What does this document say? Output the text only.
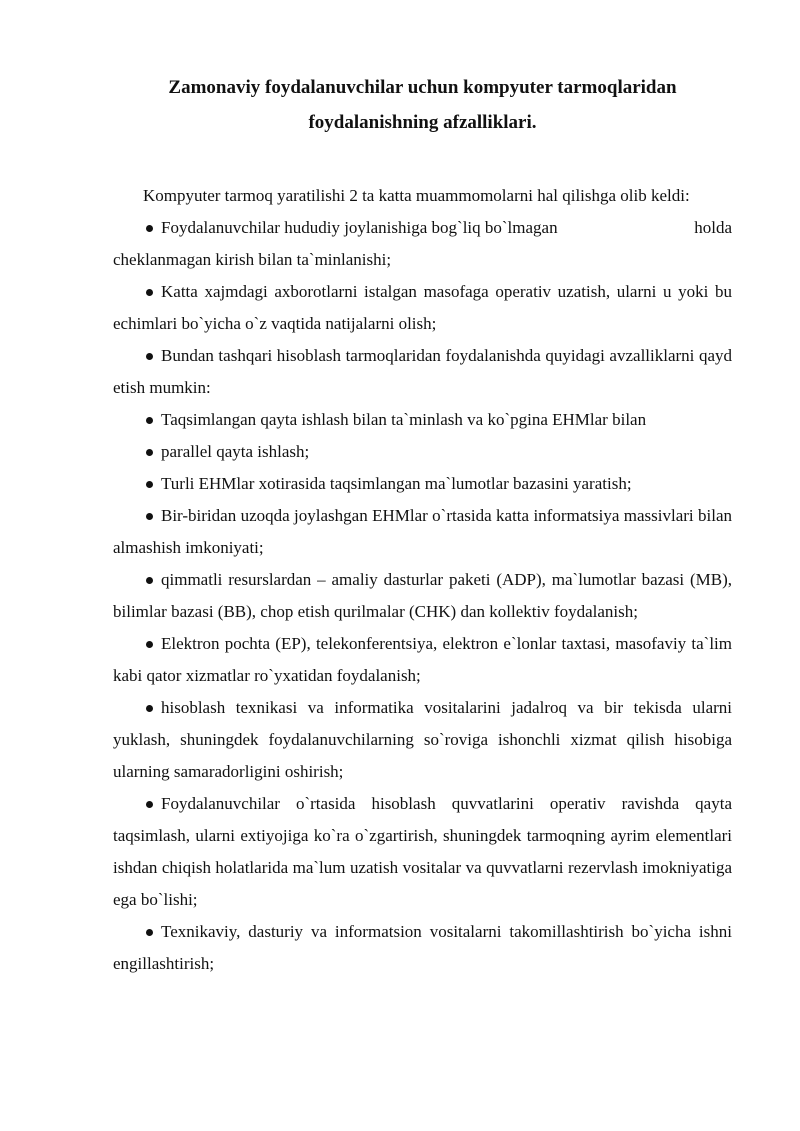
Zamonaviy foydalanuvchilar uchun kompyuter tarmoqlaridan
foydalanishning afzalliklari.

Kompyuter tarmoq yaratilishi 2 ta katta muammomolarni hal qilishga olib keldi:

Foydalanuvchilar hududiy joylanishiga bog`liq bo`lmagan	holda
cheklanmagan kirish bilan ta`minlanishi;

Katta xajmdagi axborotlarni istalgan masofaga operativ uzatish, ularni u yoki bu echimlari bo`yicha o`z vaqtida natijalarni olish;

Bundan tashqari hisoblash tarmoqlaridan foydalanishda quyidagi avzalliklarni qayd etish mumkin:

Taqsimlangan qayta ishlash bilan ta`minlash va ko`pgina EHMlar bilan

parallel qayta ishlash;

Turli EHMlar xotirasida taqsimlangan ma`lumotlar bazasini yaratish;

Bir-biridan uzoqda joylashgan EHMlar o`rtasida katta informatsiya massivlari bilan almashish imkoniyati;

qimmatli resurslardan – amaliy dasturlar paketi (ADP), ma`lumotlar bazasi (MB), bilimlar bazasi (BB), chop etish qurilmalar (CHK) dan kollektiv foydalanish;

Elektron pochta (EP), telekonferentsiya, elektron e`lonlar taxtasi, masofaviy ta`lim kabi qator xizmatlar ro`yxatidan foydalanish;

hisoblash texnikasi va informatika vositalarini jadalroq va bir tekisda ularni yuklash, shuningdek foydalanuvchilarning so`roviga ishonchli xizmat qilish hisobiga ularning samaradorligini oshirish;

Foydalanuvchilar o`rtasida hisoblash quvvatlarini operativ ravishda qayta taqsimlash, ularni extiyojiga ko`ra o`zgartirish, shuningdek tarmoqning ayrim elementlari ishdan chiqish holatlarida ma`lum uzatish vositalar va quvvatlarni rezervlash imokniyatiga ega bo`lishi;

Texnikaviy, dasturiy va informatsion vositalarni takomillashtirish bo`yicha ishni engillashtirish;
